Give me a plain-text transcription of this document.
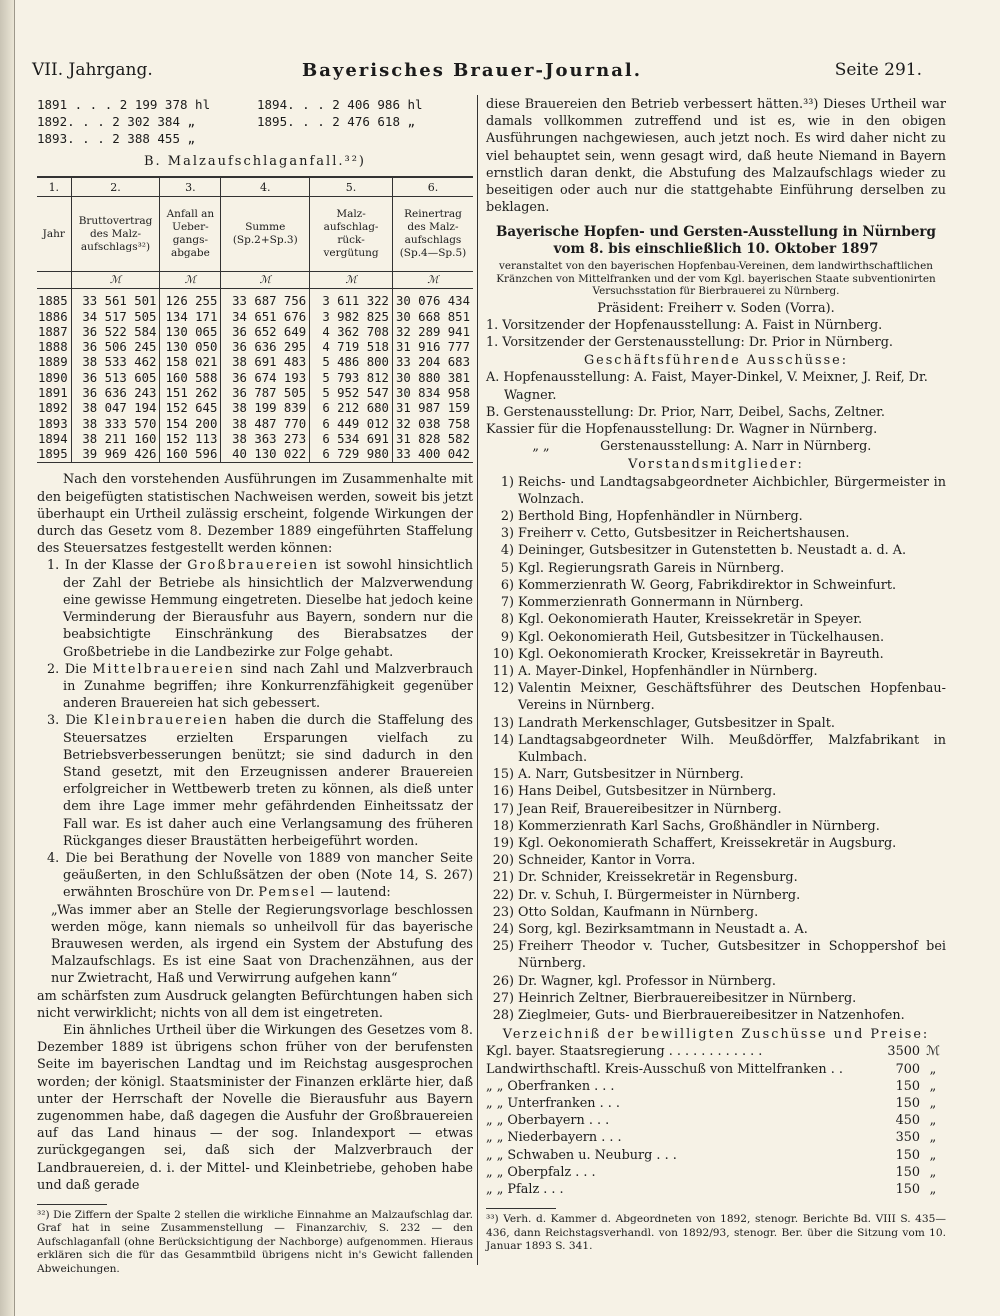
VII. Jahrgang.	Bayerisches Brauer-Journal.	Seite 291.
1891 . . . 2 199 378 hl	1894. . . 2 406 986 hl
1892. . . 2 302 384 „	1895. . . 2 476 618 „
1893. . . 2 388 455 „
B. Malzaufschlaganfall.³²)
1.	2.	3.	4.	5.	6.
Jahr	Bruttovertrag des Malz-aufschlags³²)	Anfall an Ueber-gangs-abgabe	Summe (Sp.2+Sp.3)	Malz-aufschlag-rück-vergütung	Reinertrag des Malz-aufschlags (Sp.4—Sp.5)
	ℳ	ℳ	ℳ	ℳ	ℳ
1885	33 561 501	126 255	33 687 756	3 611 322	30 076 434
1886	34 517 505	134 171	34 651 676	3 982 825	30 668 851
1887	36 522 584	130 065	36 652 649	4 362 708	32 289 941
1888	36 506 245	130 050	36 636 295	4 719 518	31 916 777
1889	38 533 462	158 021	38 691 483	5 486 800	33 204 683
1890	36 513 605	160 588	36 674 193	5 793 812	30 880 381
1891	36 636 243	151 262	36 787 505	5 952 547	30 834 958
1892	38 047 194	152 645	38 199 839	6 212 680	31 987 159
1893	38 333 570	154 200	38 487 770	6 449 012	32 038 758
1894	38 211 160	152 113	38 363 273	6 534 691	31 828 582
1895	39 969 426	160 596	40 130 022	6 729 980	33 400 042

Nach den vorstehenden Ausführungen im Zusammenhalte mit den beigefügten statistischen Nachweisen werden, soweit bis jetzt überhaupt ein Urtheil zulässig erscheint, folgende Wirkungen der durch das Gesetz vom 8. Dezember 1889 eingeführten Staffelung des Steuersatzes festgestellt werden können:

1. In der Klasse der Großbrauereien ist sowohl hinsichtlich der Zahl der Betriebe als hinsichtlich der Malzverwendung eine gewisse Hemmung eingetreten. Dieselbe hat jedoch keine Verminderung der Bierausfuhr aus Bayern, sondern nur die beabsichtigte Einschränkung des Bierabsatzes der Großbetriebe in die Landbezirke zur Folge gehabt.

2. Die Mittelbrauereien sind nach Zahl und Malzverbrauch in Zunahme begriffen; ihre Konkurrenzfähigkeit gegenüber anderen Brauereien hat sich gebessert.

3. Die Kleinbrauereien haben die durch die Staffelung des Steuersatzes erzielten Ersparungen vielfach zu Betriebsverbesserungen benützt; sie sind dadurch in den Stand gesetzt, mit den Erzeugnissen anderer Brauereien erfolgreicher in Wettbewerb treten zu können, als dieß unter dem ihre Lage immer mehr gefährdenden Einheitssatz der Fall war. Es ist daher auch eine Verlangsamung des früheren Rückganges dieser Braustätten herbeigeführt worden.

4. Die bei Berathung der Novelle von 1889 von mancher Seite geäußerten, in den Schlußsätzen der oben (Note 14, S. 267) erwähnten Broschüre von Dr. Pemsel — lautend:

„Was immer aber an Stelle der Regierungsvorlage beschlossen werden möge, kann niemals so unheilvoll für das bayerische Brauwesen werden, als irgend ein System der Abstufung des Malzaufschlags. Es ist eine Saat von Drachenzähnen, aus der nur Zwietracht, Haß und Verwirrung aufgehen kann“

am schärfsten zum Ausdruck gelangten Befürchtungen haben sich nicht verwirklicht; nichts von all dem ist eingetreten.

Ein ähnliches Urtheil über die Wirkungen des Gesetzes vom 8. Dezember 1889 ist übrigens schon früher von der berufensten Seite im bayerischen Landtag und im Reichstag ausgesprochen worden; der königl. Staatsminister der Finanzen erklärte hier, daß unter der Herrschaft der Novelle die Bierausfuhr aus Bayern zugenommen habe, daß dagegen die Ausfuhr der Großbrauereien auf das Land hinaus — der sog. Inlandexport — etwas zurückgegangen sei, daß sich der Malzverbrauch der Landbrauereien, d. i. der Mittel- und Kleinbetriebe, gehoben habe und daß gerade

³²) Die Ziffern der Spalte 2 stellen die wirkliche Einnahme an Malzaufschlag dar. Graf hat in seine Zusammenstellung — Finanzarchiv, S. 232 — den Aufschlaganfall (ohne Berücksichtigung der Nachborge) aufgenommen. Hieraus erklären sich die für das Gesammtbild übrigens nicht in's Gewicht fallenden Abweichungen.

diese Brauereien den Betrieb verbessert hätten.³³) Dieses Urtheil war damals vollkommen zutreffend und ist es, wie in den obigen Ausführungen nachgewiesen, auch jetzt noch. Es wird daher nicht zu viel behauptet sein, wenn gesagt wird, daß heute Niemand in Bayern ernstlich daran denkt, die Abstufung des Malzaufschlags wieder zu beseitigen oder auch nur die stattgehabte Einführung derselben zu beklagen.

Bayerische Hopfen- und Gersten-Ausstellung in Nürnberg vom 8. bis einschließlich 10. Oktober 1897
veranstaltet von den bayerischen Hopfenbau-Vereinen, dem landwirthschaftlichen Kränzchen von Mittelfranken und der vom Kgl. bayerischen Staate subventionirten Versuchsstation für Bierbrauerei zu Nürnberg.
Präsident: Freiherr v. Soden (Vorra).
1. Vorsitzender der Hopfenausstellung: A. Faist in Nürnberg.
1. Vorsitzender der Gerstenausstellung: Dr. Prior in Nürnberg.
Geschäftsführende Ausschüsse:
A. Hopfenausstellung: A. Faist, Mayer-Dinkel, V. Meixner, J. Reif, Dr. Wagner.
B. Gerstenausstellung: Dr. Prior, Narr, Deibel, Sachs, Zeltner.
Kassier für die Hopfenausstellung: Dr. Wagner in Nürnberg.
„ „	Gerstenausstellung: A. Narr in Nürnberg.
Vorstandsmitglieder:
1) Reichs- und Landtagsabgeordneter Aichbichler, Bürgermeister in Wolnzach.
2) Berthold Bing, Hopfenhändler in Nürnberg.
3) Freiherr v. Cetto, Gutsbesitzer in Reichertshausen.
4) Deininger, Gutsbesitzer in Gutenstetten b. Neustadt a. d. A.
5) Kgl. Regierungsrath Gareis in Nürnberg.
6) Kommerzienrath W. Georg, Fabrikdirektor in Schweinfurt.
7) Kommerzienrath Gonnermann in Nürnberg.
8) Kgl. Oekonomierath Hauter, Kreissekretär in Speyer.
9) Kgl. Oekonomierath Heil, Gutsbesitzer in Tückelhausen.
10) Kgl. Oekonomierath Krocker, Kreissekretär in Bayreuth.
11) A. Mayer-Dinkel, Hopfenhändler in Nürnberg.
12) Valentin Meixner, Geschäftsführer des Deutschen Hopfenbau-Vereins in Nürnberg.
13) Landrath Merkenschlager, Gutsbesitzer in Spalt.
14) Landtagsabgeordneter Wilh. Meußdörffer, Malzfabrikant in Kulmbach.
15) A. Narr, Gutsbesitzer in Nürnberg.
16) Hans Deibel, Gutsbesitzer in Nürnberg.
17) Jean Reif, Brauereibesitzer in Nürnberg.
18) Kommerzienrath Karl Sachs, Großhändler in Nürnberg.
19) Kgl. Oekonomierath Schaffert, Kreissekretär in Augsburg.
20) Schneider, Kantor in Vorra.
21) Dr. Schnider, Kreissekretär in Regensburg.
22) Dr. v. Schuh, I. Bürgermeister in Nürnberg.
23) Otto Soldan, Kaufmann in Nürnberg.
24) Sorg, kgl. Bezirksamtmann in Neustadt a. A.
25) Freiherr Theodor v. Tucher, Gutsbesitzer in Schoppershof bei Nürnberg.
26) Dr. Wagner, kgl. Professor in Nürnberg.
27) Heinrich Zeltner, Bierbrauereibesitzer in Nürnberg.
28) Zieglmeier, Guts- und Bierbrauereibesitzer in Natzenhofen.
Verzeichniß der bewilligten Zuschüsse und Preise:
Kgl. bayer. Staatsregierung . . . . . . . . . . . .	3500 ℳ
Landwirthschaftl. Kreis-Ausschuß von Mittelfranken . .	700 „
„ „ Oberfranken . . .	150 „
„ „ Unterfranken . . .	150 „
„ „ Oberbayern . . .	450 „
„ „ Niederbayern . . .	350 „
„ „ Schwaben u. Neuburg . . .	150 „
„ „ Oberpfalz . . .	150 „
„ „ Pfalz . . .	150 „

³³) Verh. d. Kammer d. Abgeordneten von 1892, stenogr. Berichte Bd. VIII S. 435—436, dann Reichstagsverhandl. von 1892/93, stenogr. Ber. über die Sitzung vom 10. Januar 1893 S. 341.
